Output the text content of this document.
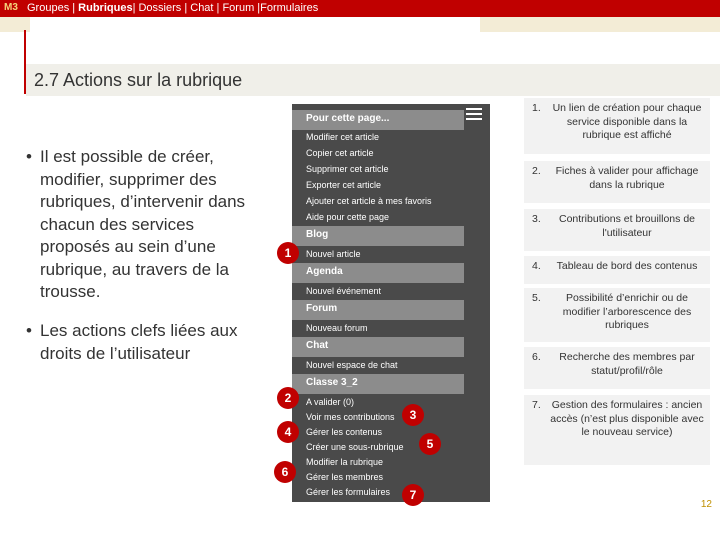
M3 Groupes | Rubriques| Dossiers | Chat | Forum |Formulaires
2.7 Actions sur la rubrique
• Il est possible de créer, modifier, supprimer des rubriques, d’intervenir dans chacun des services proposés au sein d’une rubrique, au travers de la trousse.
• Les actions clefs liées aux droits de l’utilisateur
Pour cette page...
Modifier cet article
Copier cet article
Supprimer cet article
Exporter cet article
Ajouter cet article à mes favoris
Aide pour cette page
Blog
Nouvel article
Agenda
Nouvel événement
Forum
Nouveau forum
Chat
Nouvel espace de chat
Classe 3_2
A valider (0)
Voir mes contributions
Gérer les contenus
Créer une sous-rubrique
Modifier la rubrique
Gérer les membres
Gérer les formulaires
1
2
3
4
5
6
7
1.	Un lien de création pour chaque service disponible dans la rubrique est affiché
2.	Fiches à valider pour affichage dans la rubrique
3.	Contributions et brouillons de l'utilisateur
4.	Tableau de bord des contenus
5.	Possibilité d’enrichir ou de modifier l’arborescence des rubriques
6.	Recherche des membres par statut/profil/rôle
7.	Gestion des formulaires : ancien accès (n’est plus disponible avec le nouveau service)
12
